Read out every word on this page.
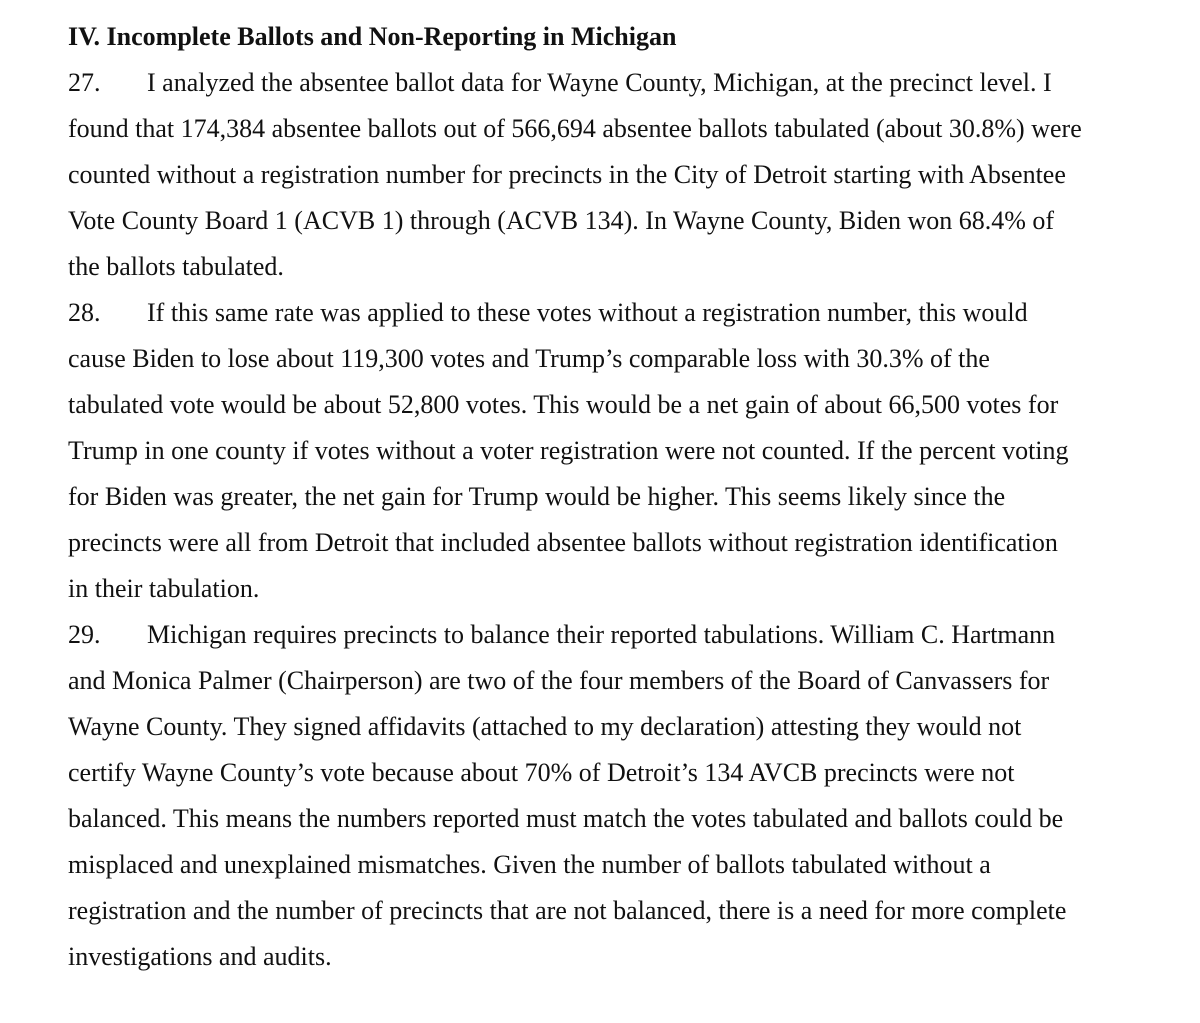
IV. Incomplete Ballots and Non-Reporting in Michigan
27. I analyzed the absentee ballot data for Wayne County, Michigan, at the precinct level. I
found that 174,384 absentee ballots out of 566,694 absentee ballots tabulated (about 30.8%) were
counted without a registration number for precincts in the City of Detroit starting with Absentee
Vote County Board 1 (ACVB 1) through (ACVB 134). In Wayne County, Biden won 68.4% of
the ballots tabulated.
28. If this same rate was applied to these votes without a registration number, this would
cause Biden to lose about 119,300 votes and Trump’s comparable loss with 30.3% of the
tabulated vote would be about 52,800 votes. This would be a net gain of about 66,500 votes for
Trump in one county if votes without a voter registration were not counted. If the percent voting
for Biden was greater, the net gain for Trump would be higher. This seems likely since the
precincts were all from Detroit that included absentee ballots without registration identification
in their tabulation.
29. Michigan requires precincts to balance their reported tabulations. William C. Hartmann
and Monica Palmer (Chairperson) are two of the four members of the Board of Canvassers for
Wayne County. They signed affidavits (attached to my declaration) attesting they would not
certify Wayne County’s vote because about 70% of Detroit’s 134 AVCB precincts were not
balanced. This means the numbers reported must match the votes tabulated and ballots could be
misplaced and unexplained mismatches. Given the number of ballots tabulated without a
registration and the number of precincts that are not balanced, there is a need for more complete
investigations and audits.
